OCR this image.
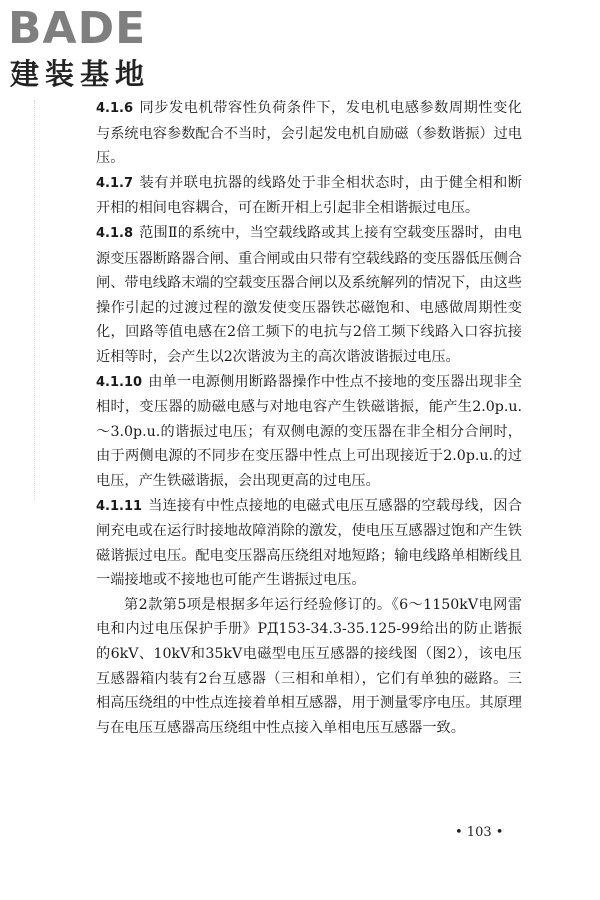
BADE
建装基地

4.1.6 同步发电机带容性负荷条件下，发电机电感参数周期性变化与系统电容参数配合不当时，会引起发电机自励磁（参数谐振）过电压。

4.1.7 装有并联电抗器的线路处于非全相状态时，由于健全相和断开相的相间电容耦合，可在断开相上引起非全相谐振过电压。

4.1.8 范围Ⅱ的系统中，当空载线路或其上接有空载变压器时，由电源变压器断路器合闸、重合闸或由只带有空载线路的变压器低压侧合闸、带电线路末端的空载变压器合闸以及系统解列的情况下，由这些操作引起的过渡过程的激发使变压器铁芯磁饱和、电感做周期性变化，回路等值电感在2倍工频下的电抗与2倍工频下线路入口容抗接近相等时，会产生以2次谐波为主的高次谐波谐振过电压。

4.1.10 由单一电源侧用断路器操作中性点不接地的变压器出现非全相时，变压器的励磁电感与对地电容产生铁磁谐振，能产生2.0p.u.～3.0p.u.的谐振过电压；有双侧电源的变压器在非全相分合闸时，由于两侧电源的不同步在变压器中性点上可出现接近于2.0p.u.的过电压，产生铁磁谐振，会出现更高的过电压。

4.1.11 当连接有中性点接地的电磁式电压互感器的空载母线，因合闸充电或在运行时接地故障消除的激发，使电压互感器过饱和产生铁磁谐振过电压。配电变压器高压绕组对地短路；输电线路单相断线且一端接地或不接地也可能产生谐振过电压。

第2款第5项是根据多年运行经验修订的。《6～1150kV电网雷电和内过电压保护手册》РД153-34.3-35.125-99给出的防止谐振的6kV、10kV和35kV电磁型电压互感器的接线图（图2），该电压互感器箱内装有2台互感器（三相和单相），它们有单独的磁路。三相高压绕组的中性点连接着单相互感器，用于测量零序电压。其原理与在电压互感器高压绕组中性点接入单相电压互感器一致。

• 103 •
